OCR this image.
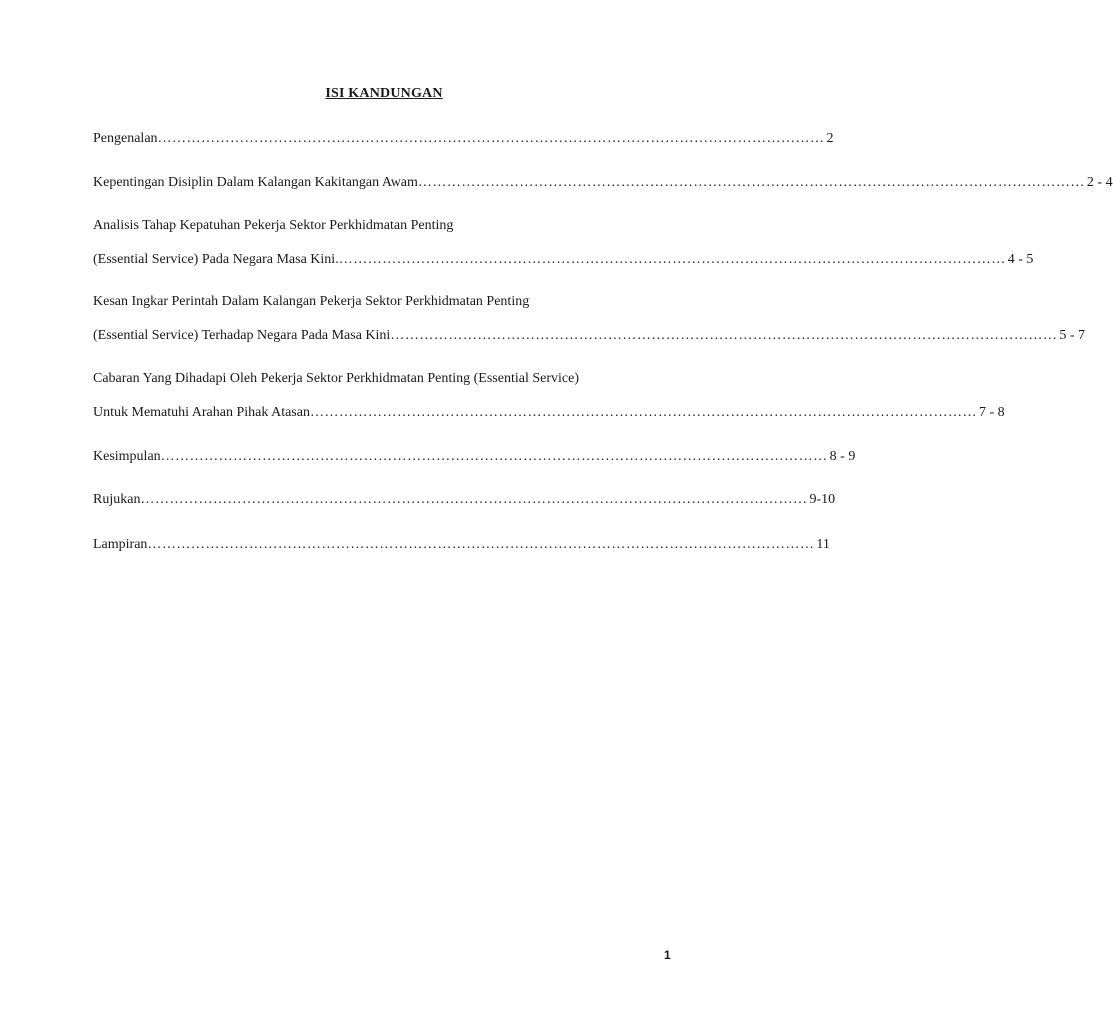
ISI KANDUNGAN
Pengenalan ………………………………………………………………………………………………………………………… 2
Kepentingan Disiplin Dalam Kalangan Kakitangan Awam ………………………………………………………………………………………………………………………… 2 - 4
Analisis Tahap Kepatuhan Pekerja Sektor Perkhidmatan Penting
(Essential Service) Pada Negara Masa Kini. ………………………………………………………………………………………………………………………… 4 - 5
Kesan Ingkar Perintah Dalam Kalangan Pekerja Sektor Perkhidmatan Penting
(Essential Service) Terhadap Negara Pada Masa Kini ………………………………………………………………………………………………………………………… 5 - 7
Cabaran Yang Dihadapi Oleh Pekerja Sektor Perkhidmatan Penting (Essential Service)
Untuk Mematuhi Arahan Pihak Atasan ………………………………………………………………………………………………………………………… 7 - 8
Kesimpulan ………………………………………………………………………………………………………………………… 8 - 9
Rujukan ………………………………………………………………………………………………………………………… 9-10
Lampiran ………………………………………………………………………………………………………………………… 11
1
